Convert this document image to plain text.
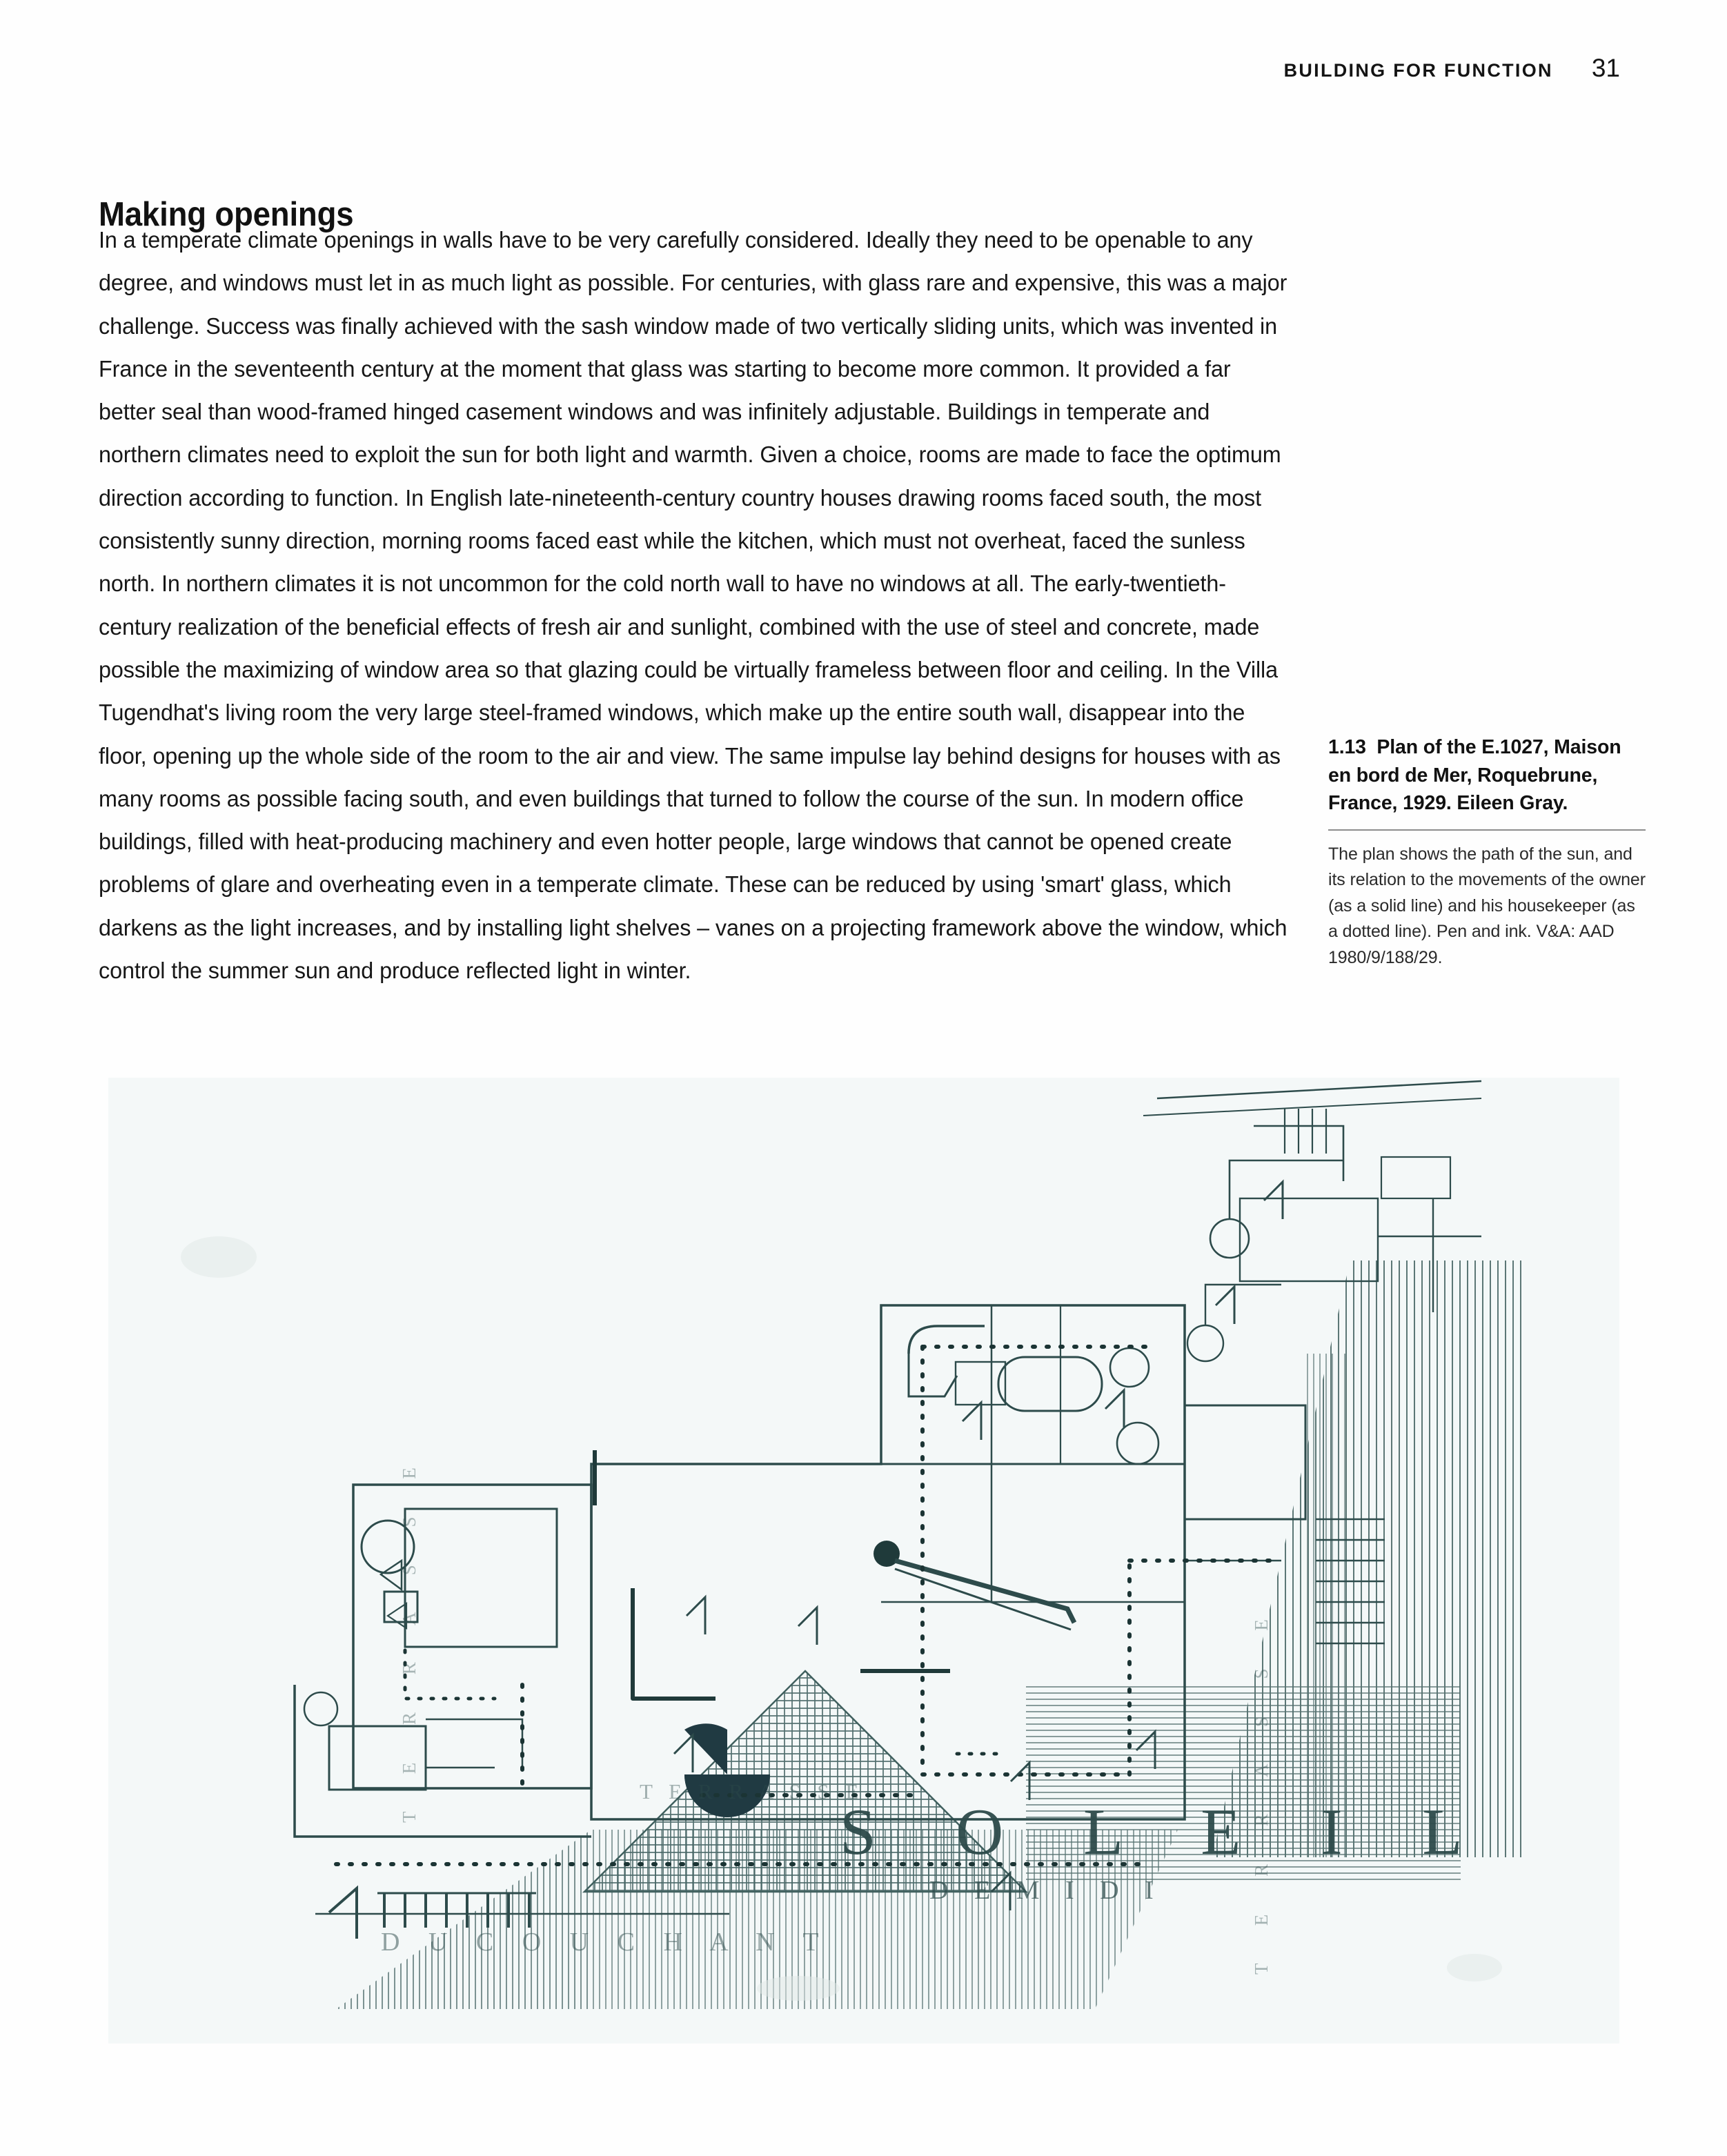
BUILDING FOR FUNCTION 31
Making openings

In a temperate climate openings in walls have to be very carefully considered. Ideally they need to be openable to any degree, and windows must let in as much light as possible. For centuries, with glass rare and expensive, this was a major challenge. Success was finally achieved with the sash window made of two vertically sliding units, which was invented in France in the seventeenth century at the moment that glass was starting to become more common. It provided a far better seal than wood-framed hinged casement windows and was infinitely adjustable. Buildings in temperate and northern climates need to exploit the sun for both light and warmth. Given a choice, rooms are made to face the optimum direction according to function. In English late-nineteenth-century country houses drawing rooms faced south, the most consistently sunny direction, morning rooms faced east while the kitchen, which must not overheat, faced the sunless north. In northern climates it is not uncommon for the cold north wall to have no windows at all. The early-twentieth-century realization of the beneficial effects of fresh air and sunlight, combined with the use of steel and concrete, made possible the maximizing of window area so that glazing could be virtually frameless between floor and ceiling. In the Villa Tugendhat's living room the very large steel-framed windows, which make up the entire south wall, disappear into the floor, opening up the whole side of the room to the air and view. The same impulse lay behind designs for houses with as many rooms as possible facing south, and even buildings that turned to follow the course of the sun. In modern office buildings, filled with heat-producing machinery and even hotter people, large windows that cannot be opened create problems of glare and overheating even in a temperate climate. These can be reduced by using 'smart' glass, which darkens as the light increases, and by installing light shelves – vanes on a projecting framework above the window, which control the summer sun and produce reflected light in winter.

1.13 Plan of the E.1027, Maison en bord de Mer, Roquebrune, France, 1929. Eileen Gray.
The plan shows the path of the sun, and its relation to the movements of the owner (as a solid line) and his housekeeper (as a dotted line). Pen and ink. V&A: AAD 1980/9/188/29.
T E R R A S S E
S O L E I L
D E M I D I
D U C O U C H A N T
T E R R A S S E	T E R R A S S E
